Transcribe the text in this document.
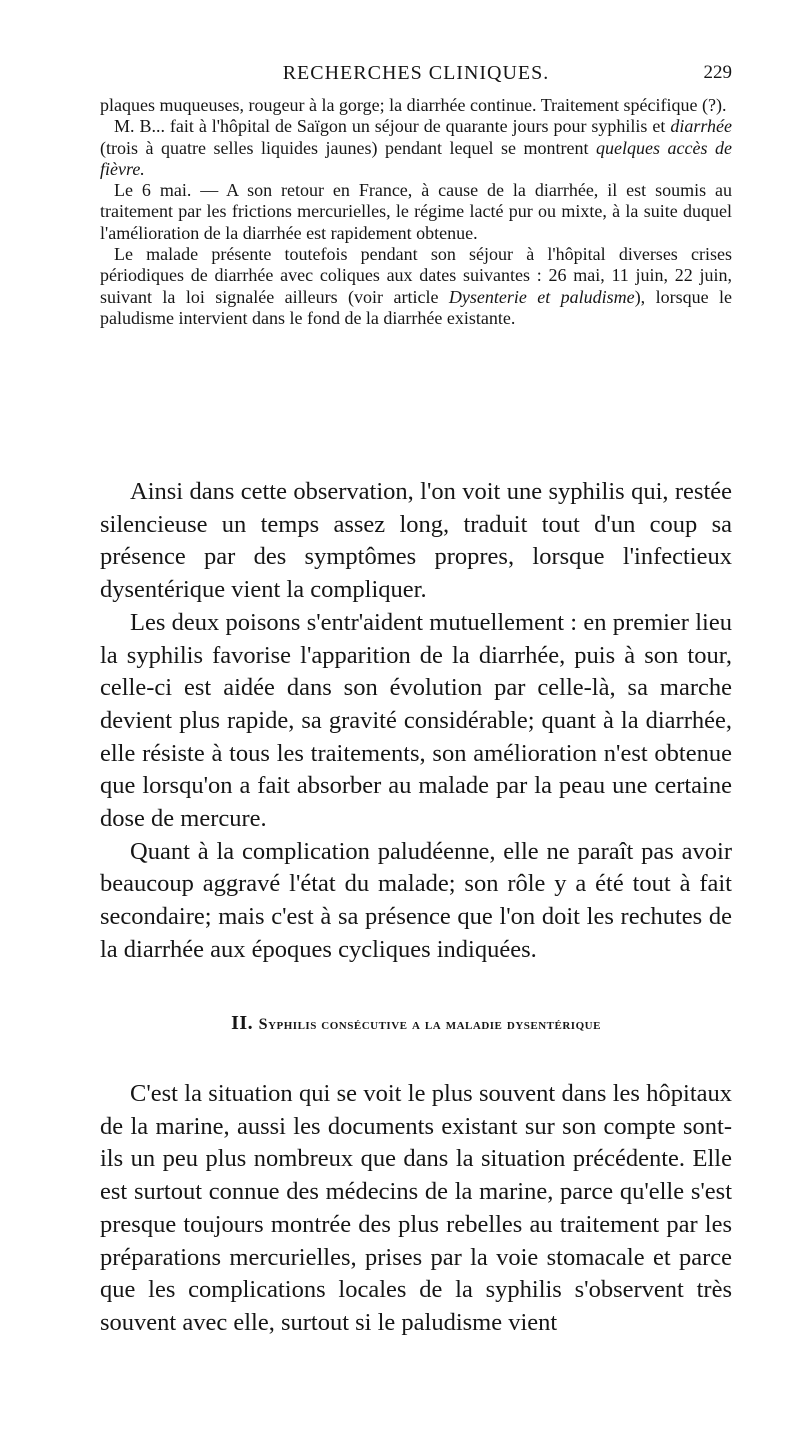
RECHERCHES CLINIQUES.	229

plaques muqueuses, rougeur à la gorge; la diarrhée continue. Traitement spécifique (?).

M. B... fait à l'hôpital de Saïgon un séjour de quarante jours pour syphilis et diarrhée (trois à quatre selles liquides jaunes) pendant lequel se montrent quelques accès de fièvre.

Le 6 mai. — A son retour en France, à cause de la diarrhée, il est soumis au traitement par les frictions mercurielles, le régime lacté pur ou mixte, à la suite duquel l'amélioration de la diarrhée est rapidement obtenue.

Le malade présente toutefois pendant son séjour à l'hôpital diverses crises périodiques de diarrhée avec coliques aux dates suivantes : 26 mai, 11 juin, 22 juin, suivant la loi signalée ailleurs (voir article Dysenterie et paludisme), lorsque le paludisme intervient dans le fond de la diarrhée existante.

Ainsi dans cette observation, l'on voit une syphilis qui, restée silencieuse un temps assez long, traduit tout d'un coup sa présence par des symptômes propres, lorsque l'infectieux dysentérique vient la compliquer.

Les deux poisons s'entr'aident mutuellement : en premier lieu la syphilis favorise l'apparition de la diarrhée, puis à son tour, celle-ci est aidée dans son évolution par celle-là, sa marche devient plus rapide, sa gravité considérable; quant à la diarrhée, elle résiste à tous les traitements, son amélioration n'est obtenue que lorsqu'on a fait absorber au malade par la peau une certaine dose de mercure.

Quant à la complication paludéenne, elle ne paraît pas avoir beaucoup aggravé l'état du malade; son rôle y a été tout à fait secondaire; mais c'est à sa présence que l'on doit les rechutes de la diarrhée aux époques cycliques indiquées.

II. Syphilis consécutive a la maladie dysentérique

C'est la situation qui se voit le plus souvent dans les hôpitaux de la marine, aussi les documents existant sur son compte sont-ils un peu plus nombreux que dans la situation précédente. Elle est surtout connue des médecins de la marine, parce qu'elle s'est presque toujours montrée des plus rebelles au traitement par les préparations mercurielles, prises par la voie stomacale et parce que les complications locales de la syphilis s'observent très souvent avec elle, surtout si le paludisme vient
